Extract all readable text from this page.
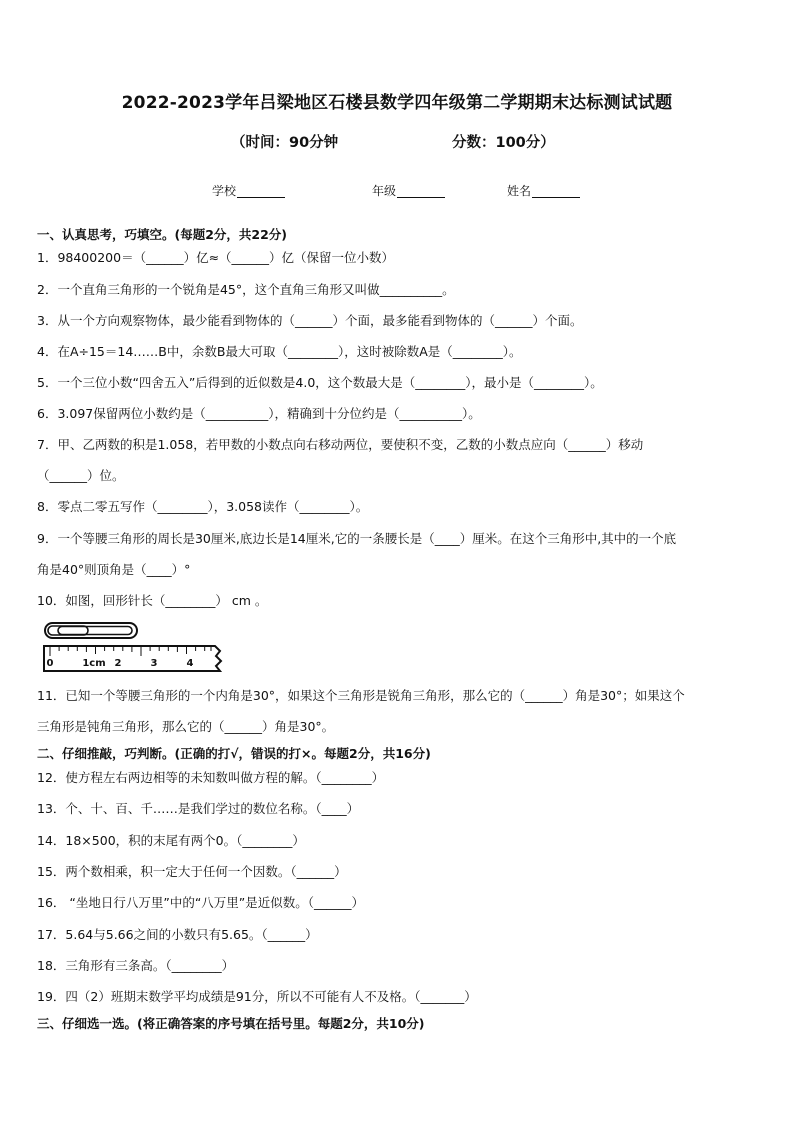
2022-2023学年吕梁地区石楼县数学四年级第二学期期末达标测试试题
（时间：90分钟	分数：100分）
学校	年级	姓名
一、认真思考，巧填空。(每题2分，共22分)
1．98400200＝（______）亿≈（______）亿（保留一位小数）
2．一个直角三角形的一个锐角是45°，这个直角三角形又叫做__________。
3．从一个方向观察物体，最少能看到物体的（______）个面，最多能看到物体的（______）个面。
4．在A÷15＝14……B中，余数B最大可取（________），这时被除数A是（________）。
5．一个三位小数“四舍五入”后得到的近似数是4.0，这个数最大是（________），最小是（________）。
6．3.097保留两位小数约是（__________），精确到十分位约是（__________）。
7．甲、乙两数的积是1.058，若甲数的小数点向右移动两位，要使积不变，乙数的小数点应向（______）移动
（______）位。
8．零点二零五写作（________），3.058读作（________）。
9．一个等腰三角形的周长是30厘米,底边长是14厘米,它的一条腰长是（____）厘米。在这个三角形中,其中的一个底
角是40°则顶角是（____）°
10．如图，回形针长（________） cm 。
0	1cm 2	3	4
11．已知一个等腰三角形的一个内角是30°，如果这个三角形是锐角三角形，那么它的（______）角是30°；如果这个
三角形是钝角三角形，那么它的（______）角是30°。
二、仔细推敲，巧判断。(正确的打√，错误的打×。每题2分，共16分)
12．使方程左右两边相等的未知数叫做方程的解。（________）
13．个、十、百、千……是我们学过的数位名称。（____）
14．18×500，积的末尾有两个0。（________）
15．两个数相乘，积一定大于任何一个因数。（______）
16． “坐地日行八万里”中的“八万里”是近似数。（______）
17．5.64与5.66之间的小数只有5.65。（______）
18．三角形有三条高。（________）
19．四（2）班期末数学平均成绩是91分，所以不可能有人不及格。（_______）
三、仔细选一选。(将正确答案的序号填在括号里。每题2分，共10分)
